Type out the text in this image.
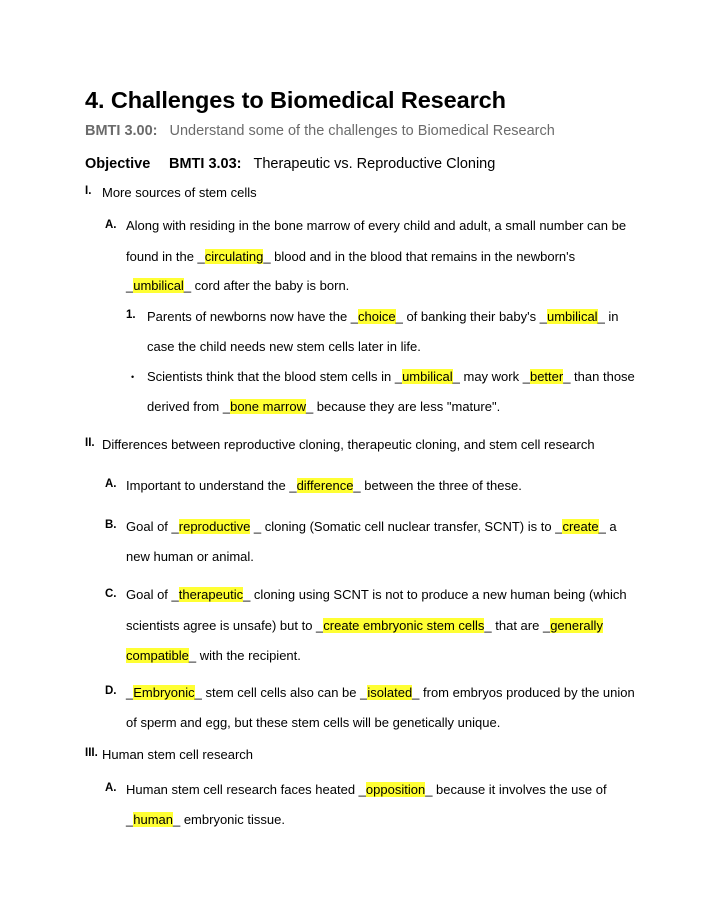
4. Challenges to Biomedical Research
BMTI 3.00: Understand some of the challenges to Biomedical Research
Objective BMTI 3.03: Therapeutic vs. Reproductive Cloning
I. More sources of stem cells
A. Along with residing in the bone marrow of every child and adult, a small number can be
found in the _circulating_ blood and in the blood that remains in the newborn's
_umbilical_ cord after the baby is born.
1. Parents of newborns now have the _choice_ of banking their baby's _umbilical_ in
case the child needs new stem cells later in life.
• Scientists think that the blood stem cells in _umbilical_ may work _better_ than those
derived from _bone marrow_ because they are less "mature".
II. Differences between reproductive cloning, therapeutic cloning, and stem cell research
A. Important to understand the _difference_ between the three of these.
B. Goal of _reproductive _ cloning (Somatic cell nuclear transfer, SCNT) is to _create_ a
new human or animal.
C. Goal of _therapeutic_ cloning using SCNT is not to produce a new human being (which
scientists agree is unsafe) but to _create embryonic stem cells_ that are _generally
compatible_ with the recipient.
D. _Embryonic_ stem cell cells also can be _isolated_ from embryos produced by the union
of sperm and egg, but these stem cells will be genetically unique.
III. Human stem cell research
A. Human stem cell research faces heated _opposition_ because it involves the use of
_human_ embryonic tissue.
